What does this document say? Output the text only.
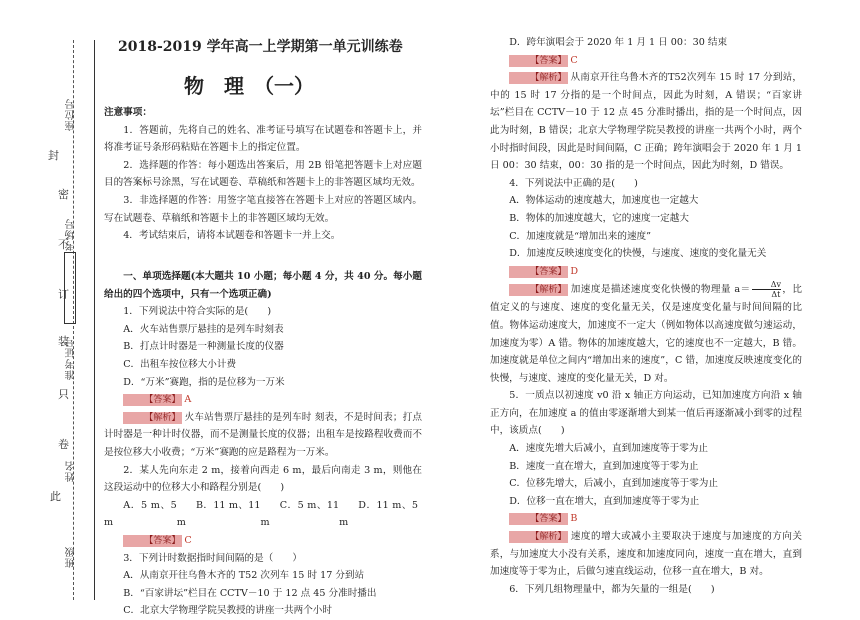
封
密
不
订
装
只
卷
此
座位号
考场号
准考证号
姓名
班级
2018-2019 学年高一上学期第一单元训练卷
物　理　（一）

注意事项：

1．答题前，先将自己的姓名、准考证号填写在试题卷和答题卡上，并将准考证号条形码粘贴在答题卡上的指定位置。

2．选择题的作答：每小题选出答案后，用 2B 铅笔把答题卡上对应题目的答案标号涂黑，写在试题卷、草稿纸和答题卡上的非答题区域均无效。

3．非选择题的作答：用签字笔直接答在答题卡上对应的答题区域内。写在试题卷、草稿纸和答题卡上的非答题区域均无效。

4．考试结束后，请将本试题卷和答题卡一并上交。

一、单项选择题(本大题共 10 小题；每小题 4 分，共 40 分。每小题给出的四个选项中，只有一个选项正确)

1．下列说法中符合实际的是(　　)

A．火车站售票厅悬挂的是列车时刻表

B．打点计时器是一种测量长度的仪器

C．出租车按位移大小计费

D．“万米”赛跑，指的是位移为一万米

【答案】 A

【解析】 火车站售票厅悬挂的是列车时 刻表，不是时间表；打点计时器是一种计时仪器，而不是测量长度的仪器；出租车是按路程收费而不是按位移大小收费；“万米”赛跑的应是路程为一万米。

2．某人先向东走 2 m，接着向西走 6 m，最后向南走 3 m，则他在这段运动中的位移大小和路程分别是(　　)

A．5 m、5 m
B．11 m、11 m
C．5 m、11 m
D．11 m、5 m

【答案】 C

3．下列计时数据指时间间隔的是（　　）

A．从南京开往乌鲁木齐的 T52 次列车 15 时 17 分到站

B．“百家讲坛”栏目在 CCTV－10 于 12 点 45 分准时播出

C．北京大学物理学院吴教授的讲座一共两个小时

D．跨年演唱会于 2020 年 1 月 1 日 00：30 结束

【答案】 C

【解析】 从南京开往乌鲁木齐的T52次列车 15 时 17 分到站，中的 15 时 17 分指的是一个时间点，因此为时刻，A 错误；“百家讲坛”栏目在 CCTV－10 于 12 点 45 分准时播出，指的是一个时间点，因此为时刻，B 错误；北京大学物理学院吴教授的讲座一共两个小时，两个小时指时间段，因此是时间间隔，C 正确；跨年演唱会于 2020 年 1 月 1 日 00：30 结束，00：30 指的是一个时间点，因此为时刻，D 错误。

4．下列说法中正确的是(　　)

A．物体运动的速度越大，加速度也一定越大

B．物体的加速度越大，它的速度一定越大

C．加速度就是“增加出来的速度”

D．加速度反映速度变化的快慢，与速度、速度的变化量无关

【答案】 D

【解析】 加速度是描述速度变化快慢的物理量 $a= \frac{\Delta v}{\Delta t}$ ，比值定义的与速度、速度的变化量无关，仅是速度变化量与时间间隔的比值。物体运动速度大，加速度不一定大（例如物体以高速度做匀速运动，加速度为零）A 错。物体的加速度越大，它的速度也不一定越大，B 错。加速度就是单位之间内“增加出来的速度”，C 错，加速度反映速度变化的快慢，与速度、速度的变化量无关，D 对。

5．一质点以初速度 v0 沿 x 轴正方向运动，已知加速度方向沿 x 轴正方向，在加速度 a 的值由零逐渐增大到某一值后再逐渐减小到零的过程中，该质点(　　)

A．速度先增大后减小，直到加速度等于零为止

B．速度一直在增大，直到加速度等于零为止

C．位移先增大，后减小，直到加速度等于零为止

D．位移一直在增大，直到加速度等于零为止

【答案】 B

【解析】 速度的增大或减小主要取决于速度与加速度的方向关系，与加速度大小没有关系，速度和加速度同向，速度一直在增大，直到加速度等于零为止，后做匀速直线运动，位移一直在增大，B 对。

6．下列几组物理量中，都为矢量的一组是(　　)
